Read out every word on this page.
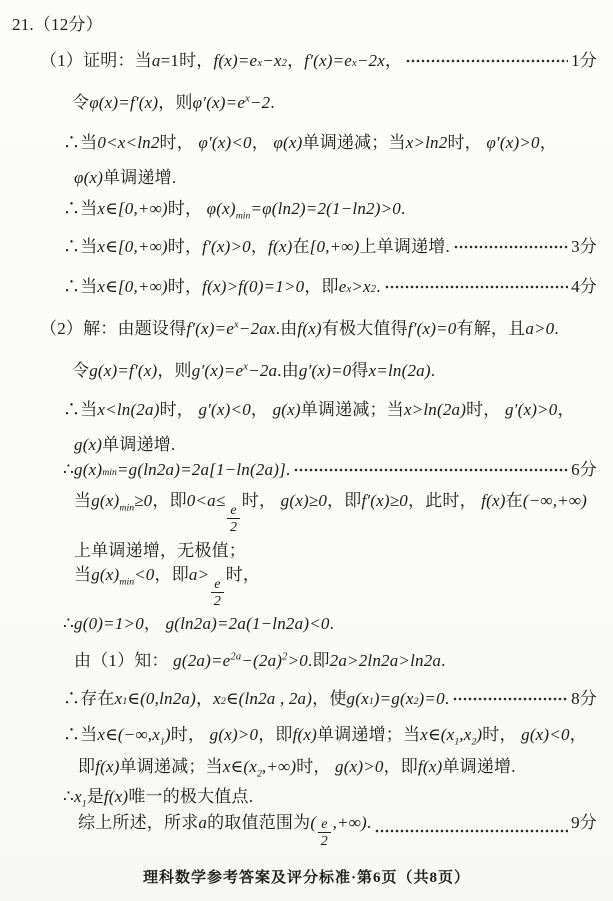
21.（12分）
（1）证明：当 a =1时， f(x)=e x −x 2 ， f′(x)=e x −2x ，	1分
令φ(x)=f′(x)，则$\varphi'(x)=e^x-2$.
∴当0<x<ln2时， φ′(x)<0， φ(x)单调递减；当x>ln2时， φ′(x)>0，
φ(x)单调递增.
∴当x∈[0,+∞)时， $\varphi(x)_{min}=\varphi(\ln 2)=2(1-\ln 2)>0$.
∴当 x∈[0,+∞) 时， f′(x)>0 ， f(x) 在 [0,+∞) 上单调递增.	3分
∴当 x∈[0,+∞) 时， f(x)>f(0)=1>0 ，即 e x >x 2 .	4分
（2）解：由题设得$f'(x)=e^x-2ax$.由f(x)有极大值得f′(x)=0有解，且a>0.
令g(x)=f′(x)，则$g'(x)=e^x-2a$.由g′(x)=0得x=ln(2a).
∴当x<ln(2a)时， g′(x)<0， g(x)单调递减；当x>ln(2a)时， g′(x)>0，
g(x)单调递增.
∴ g(x) min =g(ln2a)=2a[1−ln(2a)] .	6分
当$g(x)_{min}\ge 0$，即0<a≤
$\frac{e}{2}$
时， g(x)≥0，即f′(x)≥0，此时， f(x)在(−∞,+∞)
上单调递增，无极值；
当$g(x)_{min}<0$，即a>
$\frac{e}{2}$
时，
∴g(0)=1>0， g(ln2a)=2a(1−ln2a)<0.
由（1）知： $g(2a)=e^{2a}-(2a)^2>0$.即2a>2ln2a>ln2a.
∴存在 x 1 ∈(0,ln2a) ， x 2 ∈(ln2a , 2a) ，使 g(x 1 )=g(x 2 )=0 .	8分
∴当$x\in(-\infty,x_1)$时， g(x)>0，即f(x)单调递增；当$x\in(x_1,x_2)$时， g(x)<0，
即f(x)单调递减；当$x\in(x_2,+\infty)$时， g(x)>0，即f(x)单调递增.
$\therefore x_1$是f(x)唯一的极大值点.
综上所述，所求 a 的取值范围为 ( $\frac{e}{2}$ ,+∞) .	9分
理科数学参考答案及评分标准·第6页（共8页）
